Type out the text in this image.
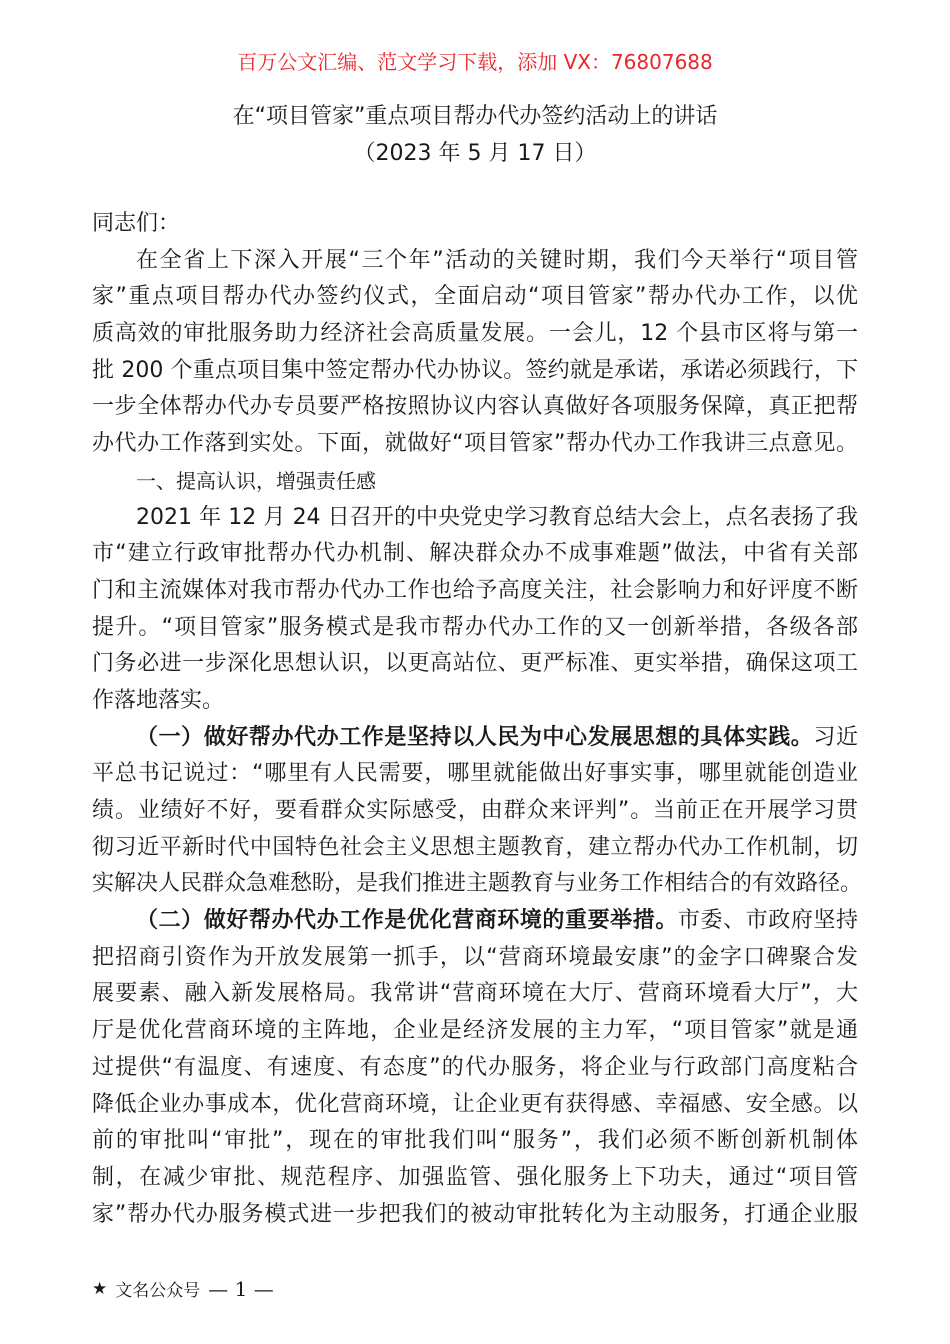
百万公文汇编、范文学习下载，添加 VX：76807688
在“项目管家”重点项目帮办代办签约活动上的讲话
（2023 年 5 月 17 日）
同志们：
在全省上下深入开展“三个年”活动的关键时期，我们今天举行“项目管
家”重点项目帮办代办签约仪式，全面启动“项目管家”帮办代办工作，以优
质高效的审批服务助力经济社会高质量发展。一会儿，12 个县市区将与第一
批 200 个重点项目集中签定帮办代办协议。签约就是承诺，承诺必须践行，下
一步全体帮办代办专员要严格按照协议内容认真做好各项服务保障，真正把帮
办代办工作落到实处。下面，就做好“项目管家”帮办代办工作我讲三点意见。
一、提高认识，增强责任感
2021 年 12 月 24 日召开的中央党史学习教育总结大会上，点名表扬了我
市“建立行政审批帮办代办机制、解决群众办不成事难题”做法，中省有关部
门和主流媒体对我市帮办代办工作也给予高度关注，社会影响力和好评度不断
提升。“项目管家”服务模式是我市帮办代办工作的又一创新举措，各级各部
门务必进一步深化思想认识，以更高站位、更严标准、更实举措，确保这项工
作落地落实。
（一）做好帮办代办工作是坚持以人民为中心发展思想的具体实践。习近
平总书记说过：“哪里有人民需要，哪里就能做出好事实事，哪里就能创造业
绩。业绩好不好，要看群众实际感受，由群众来评判”。当前正在开展学习贯
彻习近平新时代中国特色社会主义思想主题教育，建立帮办代办工作机制，切
实解决人民群众急难愁盼，是我们推进主题教育与业务工作相结合的有效路径。
（二）做好帮办代办工作是优化营商环境的重要举措。市委、市政府坚持
把招商引资作为开放发展第一抓手，以“营商环境最安康”的金字口碑聚合发
展要素、融入新发展格局。我常讲“营商环境在大厅、营商环境看大厅”，大
厅是优化营商环境的主阵地，企业是经济发展的主力军，“项目管家”就是通
过提供“有温度、有速度、有态度”的代办服务，将企业与行政部门高度粘合
降低企业办事成本，优化营商环境，让企业更有获得感、幸福感、安全感。以
前的审批叫“审批”，现在的审批我们叫“服务”，我们必须不断创新机制体
制，在减少审批、规范程序、加强监管、强化服务上下功夫，通过“项目管
家”帮办代办服务模式进一步把我们的被动审批转化为主动服务，打通企业服
★ 文名公众号 — 1 —
